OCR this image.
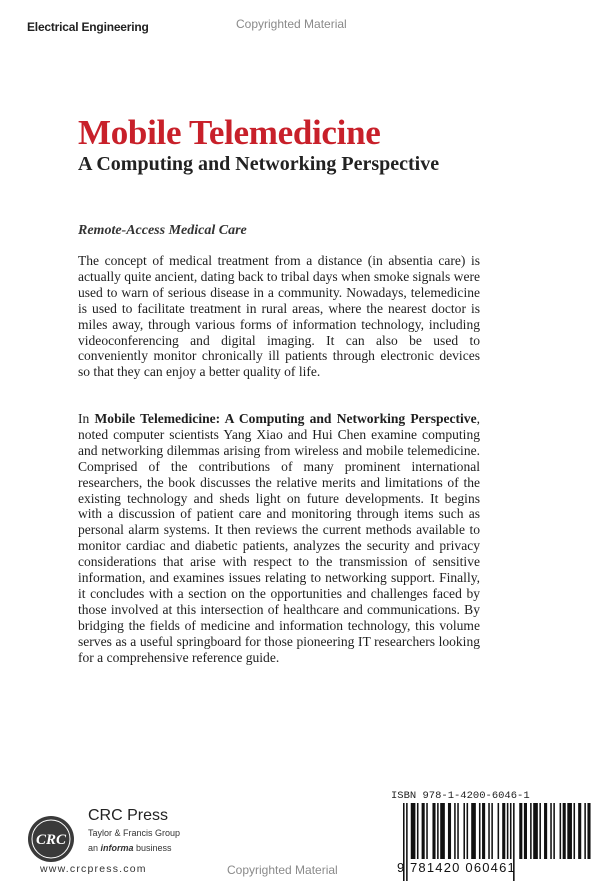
Electrical Engineering	Copyrighted Material
Mobile Telemedicine
A Computing and Networking Perspective
Remote-Access Medical Care

The concept of medical treatment from a distance (in absentia care) is actually quite ancient, dating back to tribal days when smoke signals were used to warn of serious disease in a community. Nowadays, telemedicine is used to facilitate treatment in rural areas, where the nearest doctor is miles away, through various forms of information technology, including videoconferencing and digital imaging. It can also be used to conveniently monitor chronically ill patients through electronic devices so that they can enjoy a better quality of life.

In Mobile Telemedicine: A Computing and Networking Perspective, noted computer scientists Yang Xiao and Hui Chen examine computing and networking dilemmas arising from wireless and mobile telemedicine. Comprised of the contributions of many prominent international researchers, the book discusses the relative merits and limitations of the existing technology and sheds light on future developments. It begins with a discussion of patient care and monitoring through items such as personal alarm systems. It then reviews the current methods available to monitor cardiac and diabetic patients, analyzes the security and privacy considerations that arise with respect to the transmission of sensitive information, and examines issues relating to networking support. Finally, it concludes with a section on the opportunities and challenges faced by those involved at this intersection of healthcare and communications. By bridging the fields of medicine and information technology, this volume serves as a useful springboard for those pioneering IT researchers looking for a comprehensive reference guide.

CRC
CRC Press
Taylor & Francis Group
an informa business
www.crcpress.com
ISBN 978-1-4200-6046-1
9 781420 060461
Copyrighted Material
